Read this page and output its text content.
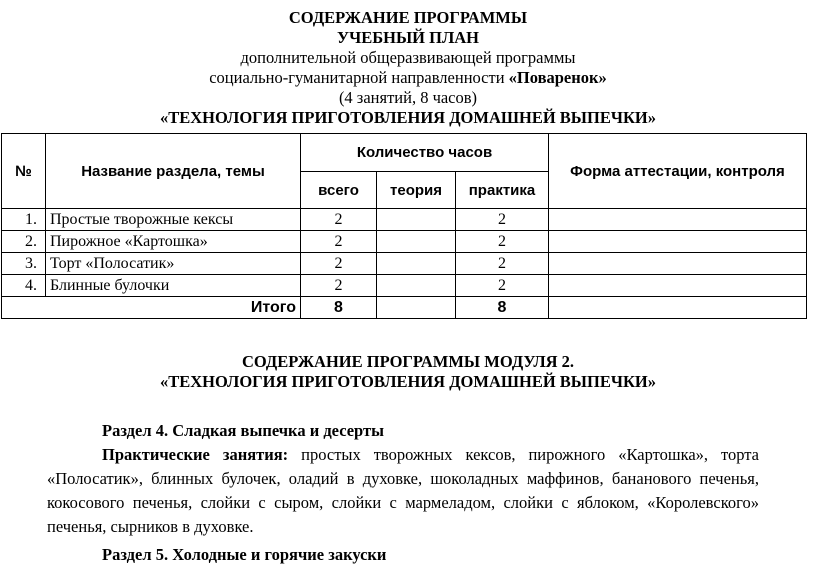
СОДЕРЖАНИЕ ПРОГРАММЫ
УЧЕБНЫЙ ПЛАН
дополнительной общеразвивающей программы
социально-гуманитарной направленности «Поваренок»
(4 занятий, 8 часов)
«ТЕХНОЛОГИЯ ПРИГОТОВЛЕНИЯ ДОМАШНЕЙ ВЫПЕЧКИ»
№	Название раздела, темы	Количество часов			Форма аттестации, контроля
		всего	теория	практика	
1.	Простые творожные кексы	2		2	
2.	Пирожное «Картошка»	2		2	
3.	Торт «Полосатик»	2		2	
4.	Блинные булочки	2		2	
Итого		8		8	
СОДЕРЖАНИЕ ПРОГРАММЫ МОДУЛЯ 2.
«ТЕХНОЛОГИЯ ПРИГОТОВЛЕНИЯ ДОМАШНЕЙ ВЫПЕЧКИ»
Раздел 4. Сладкая выпечка и десерты
Практические занятия: простых творожных кексов, пирожного «Картошка», торта «Полосатик», блинных булочек, оладий в духовке, шоколадных маффинов, бананового печенья, кокосового печенья, слойки с сыром, слойки с мармеладом, слойки с яблоком, «Королевского» печенья, сырников в духовке.
Раздел 5. Холодные и горячие закуски
